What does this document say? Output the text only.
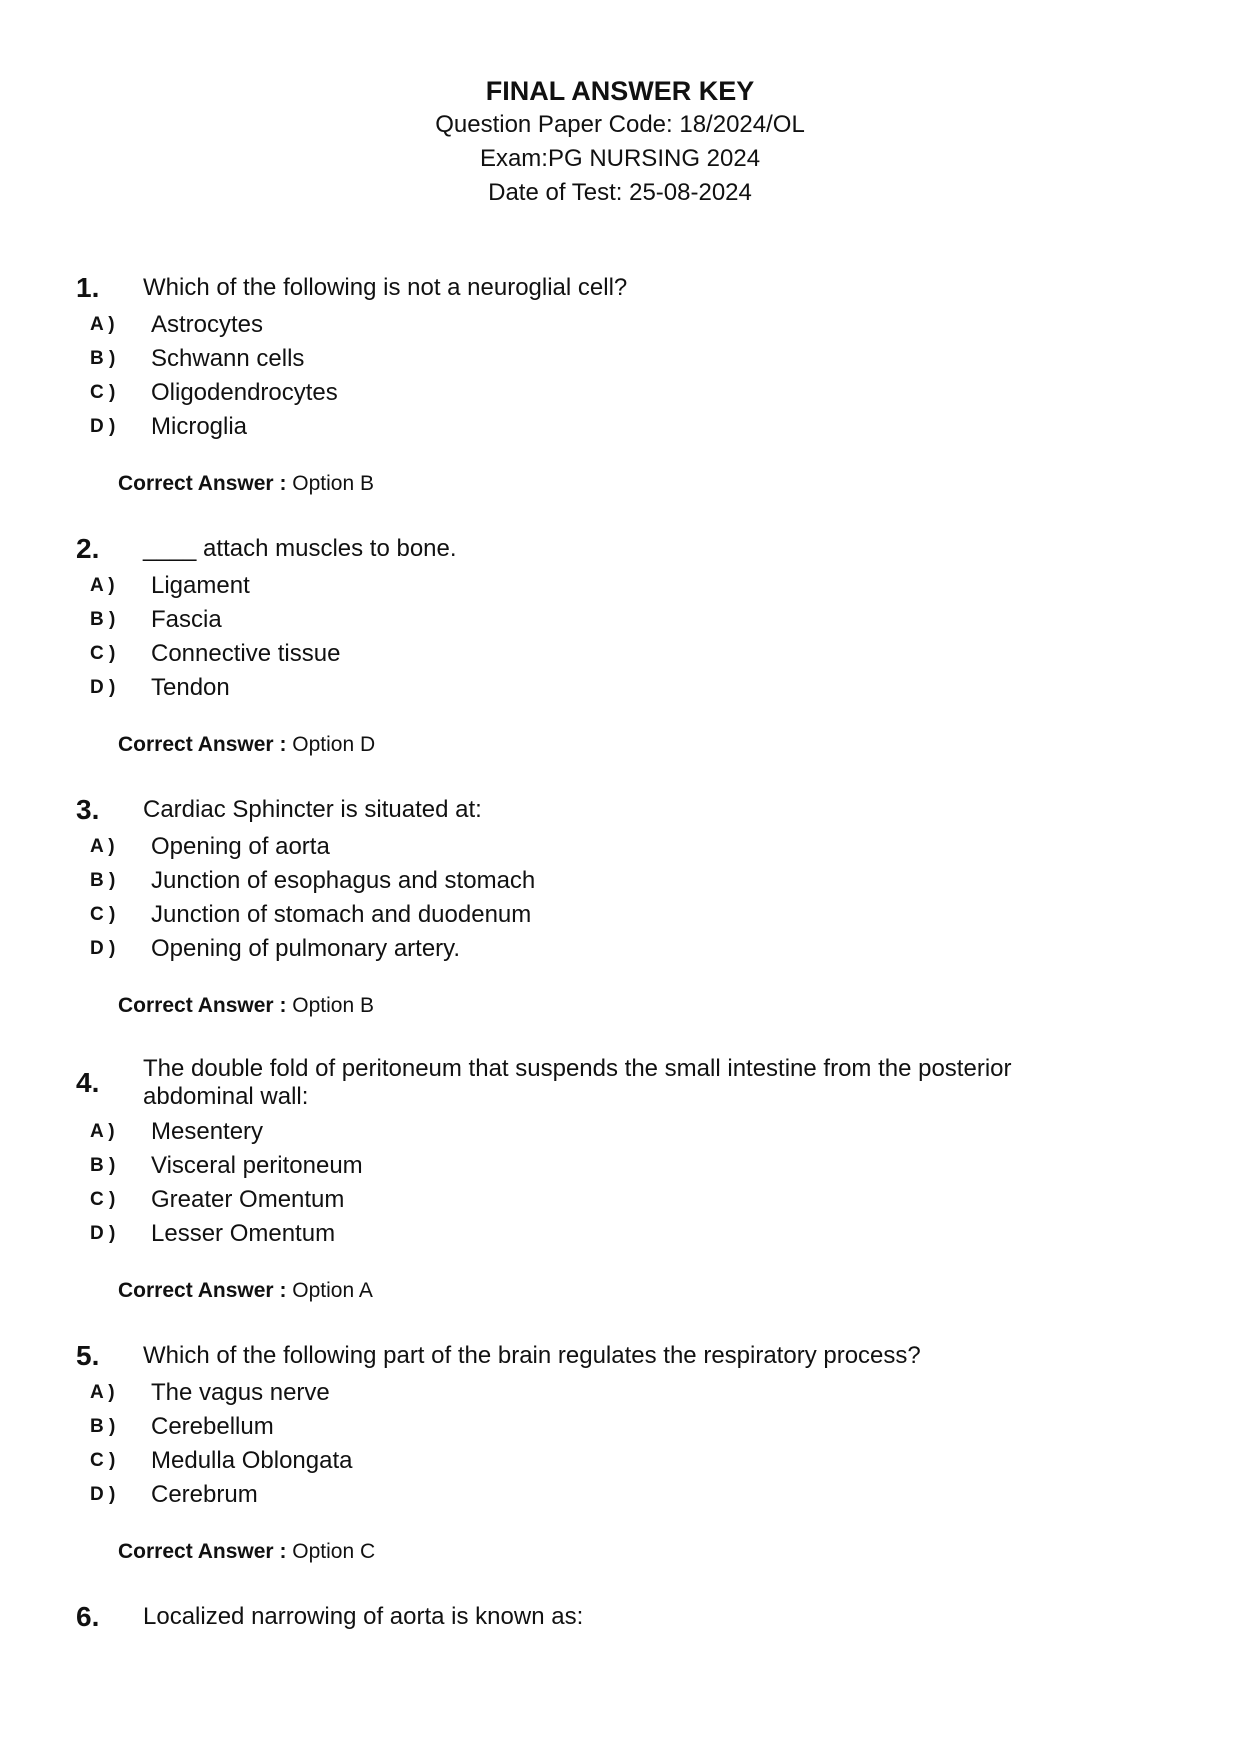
FINAL ANSWER KEY
Question Paper Code: 18/2024/OL
Exam:PG NURSING 2024
Date of Test: 25-08-2024
1.	Which of the following is not a neuroglial cell?
A )	Astrocytes
B )	Schwann cells
C )	Oligodendrocytes
D )	Microglia
Correct Answer : Option B
2.	____ attach muscles to bone.
A )	Ligament
B )	Fascia
C )	Connective tissue
D )	Tendon
Correct Answer : Option D
3.	Cardiac Sphincter is situated at:
A )	Opening of aorta
B )	Junction of esophagus and stomach
C )	Junction of stomach and duodenum
D )	Opening of pulmonary artery.
Correct Answer : Option B
4.	The double fold of peritoneum that suspends the small intestine from the posterior abdominal wall:
A )	Mesentery
B )	Visceral peritoneum
C )	Greater Omentum
D )	Lesser Omentum
Correct Answer : Option A
5.	Which of the following part of the brain regulates the respiratory process?
A )	The vagus nerve
B )	Cerebellum
C )	Medulla Oblongata
D )	Cerebrum
Correct Answer : Option C
6.	Localized narrowing of aorta is known as:
